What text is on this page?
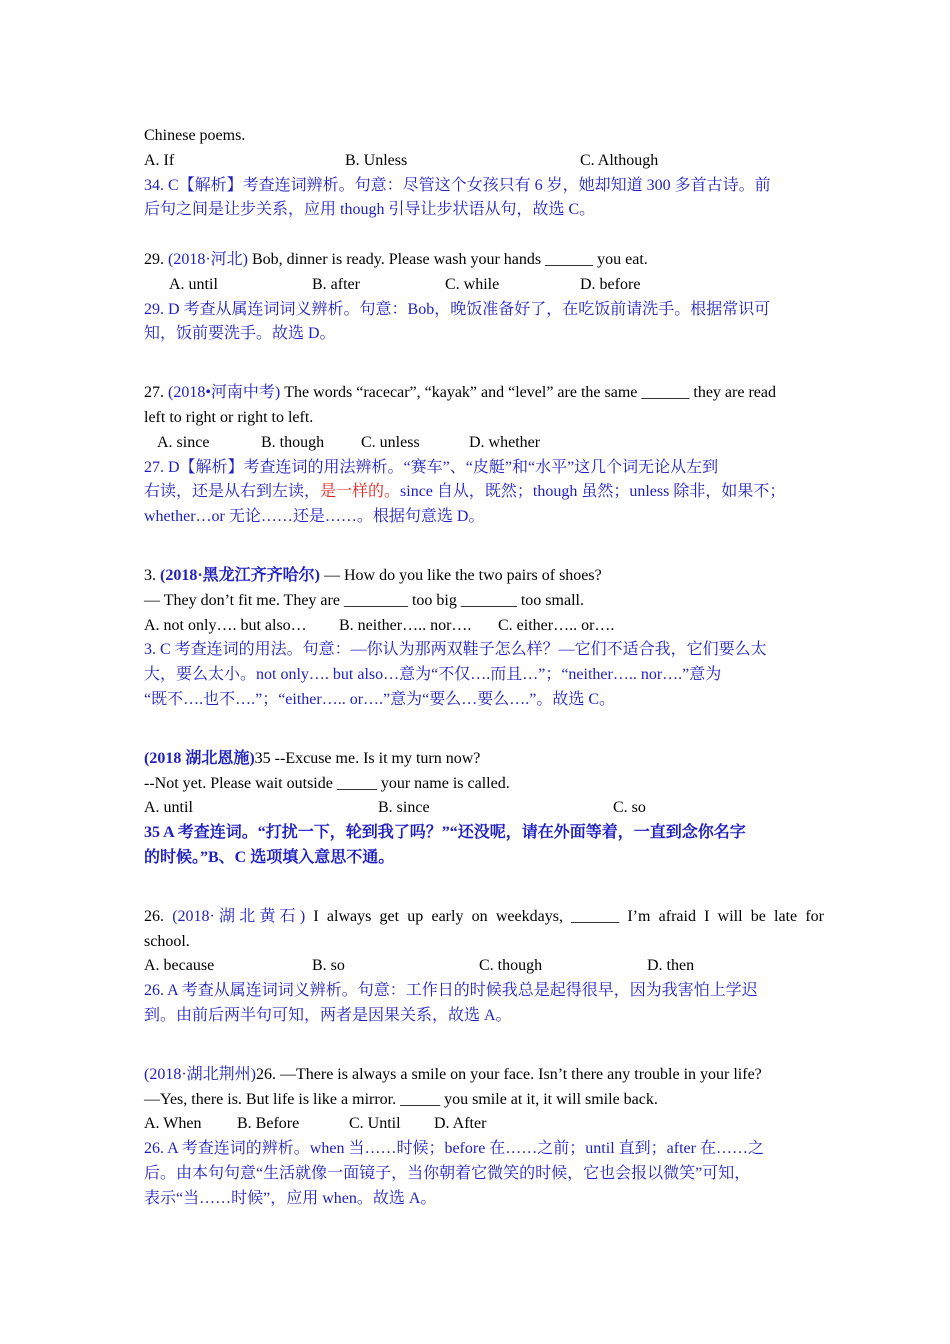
Chinese poems.
A. If	B. Unless	C. Although
34. C【解析】考查连词辨析。句意：尽管这个女孩只有 6 岁，她却知道 300 多首古诗。前
后句之间是让步关系，应用 though 引导让步状语从句，故选 C。
29. (2018·河北) Bob, dinner is ready. Please wash your hands ______ you eat.
A. until	B. after	C. while	D. before
29. D 考查从属连词词义辨析。句意：Bob，晚饭准备好了，在吃饭前请洗手。根据常识可
知，饭前要洗手。故选 D。
27. (2018•河南中考) The words “racecar”, “kayak” and “level” are the same ______ they are read
left to right or right to left.
A. since	B. though C. unless	D. whether
27. D【解析】考查连词的用法辨析。“赛车”、“皮艇”和“水平”这几个词无论从左到
右读，还是从右到左读，是一样的。since 自从，既然；though 虽然；unless 除非，如果不；
whether…or 无论……还是……。根据句意选 D。
3. (2018·黑龙江齐齐哈尔) — How do you like the two pairs of shoes?
— They don’t fit me. They are ________ too big _______ too small.
A. not only…. but also… B. neither….. nor…. C. either….. or….
3. C 考查连词的用法。句意：—你认为那两双鞋子怎么样？—它们不适合我，它们要么太
大，要么太小。not only…. but also…意为“不仅….而且…”；“neither….. nor….”意为
“既不….也不….”；“either….. or….”意为“要么…要么….”。故选 C。
(2018 湖北恩施)35 --Excuse me. Is it my turn now?
--Not yet. Please wait outside _____ your name is called.
A. until	B. since	C. so
35 A 考查连词。“打扰一下，轮到我了吗？”“还没呢，请在外面等着，一直到念你名字
的时候。”B、C 选项填入意思不通。
26. (2018·湖北黄石) I always get up early on weekdays, ______ I’m afraid I will be late for
school.
A. because	B. so	C. though	D. then
26. A 考查从属连词词义辨析。句意：工作日的时候我总是起得很早，因为我害怕上学迟
到。由前后两半句可知，两者是因果关系，故选 A。
(2018·湖北荆州)26. —There is always a smile on your face. Isn’t there any trouble in your life?
—Yes, there is. But life is like a mirror. _____ you smile at it, it will smile back.
A. When B. Before	C. Until D. After
26. A 考查连词的辨析。when 当……时候；before 在……之前；until 直到；after 在……之
后。由本句句意“生活就像一面镜子，当你朝着它微笑的时候，它也会报以微笑”可知，
表示“当……时候”，应用 when。故选 A。
